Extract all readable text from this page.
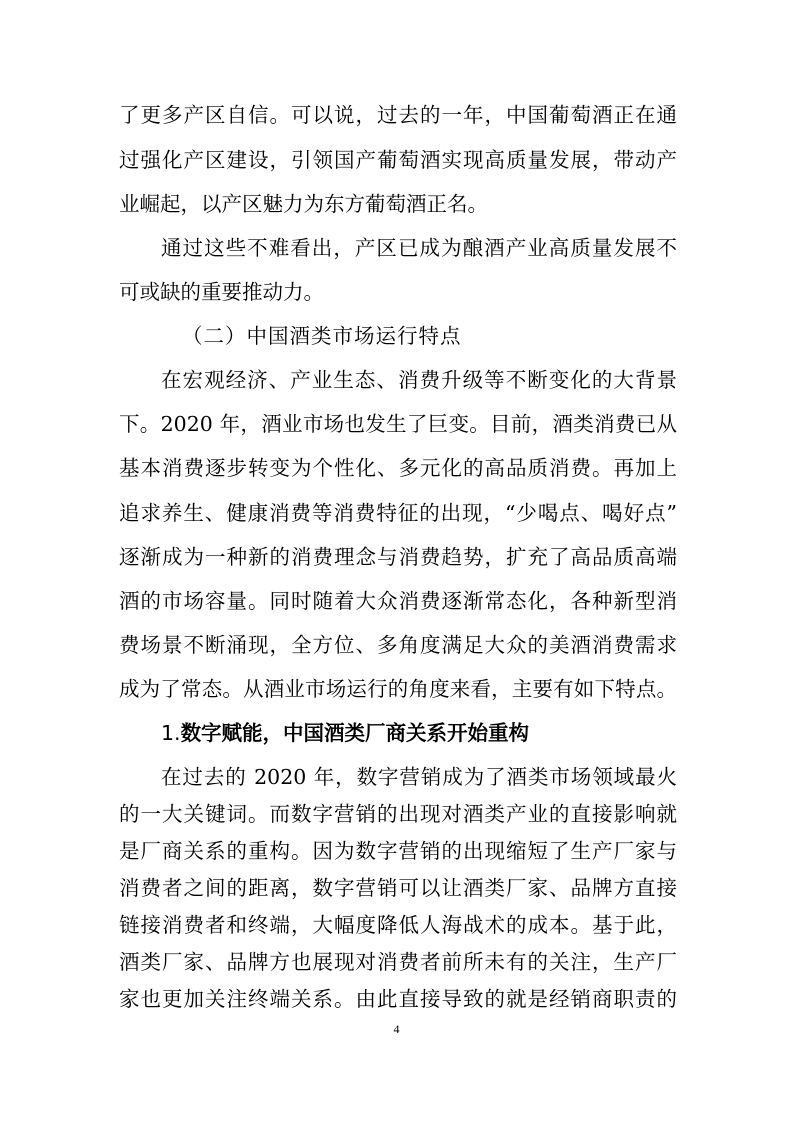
了更多产区自信。可以说，过去的一年，中国葡萄酒正在通
过强化产区建设，引领国产葡萄酒实现高质量发展，带动产
业崛起，以产区魅力为东方葡萄酒正名。
通过这些不难看出，产区已成为酿酒产业高质量发展不
可或缺的重要推动力。
（二）中国酒类市场运行特点
在宏观经济、产业生态、消费升级等不断变化的大背景
下。2020 年，酒业市场也发生了巨变。目前，酒类消费已从
基本消费逐步转变为个性化、多元化的高品质消费。再加上
追求养生、健康消费等消费特征的出现，“少喝点、喝好点”
逐渐成为一种新的消费理念与消费趋势，扩充了高品质高端
酒的市场容量。同时随着大众消费逐渐常态化，各种新型消
费场景不断涌现，全方位、多角度满足大众的美酒消费需求
成为了常态。从酒业市场运行的角度来看，主要有如下特点。
1.数字赋能，中国酒类厂商关系开始重构
在过去的 2020 年，数字营销成为了酒类市场领域最火
的一大关键词。而数字营销的出现对酒类产业的直接影响就
是厂商关系的重构。因为数字营销的出现缩短了生产厂家与
消费者之间的距离，数字营销可以让酒类厂家、品牌方直接
链接消费者和终端，大幅度降低人海战术的成本。基于此，
酒类厂家、品牌方也展现对消费者前所未有的关注，生产厂
4
家也更加关注终端关系。由此直接导致的就是经销商职责的
